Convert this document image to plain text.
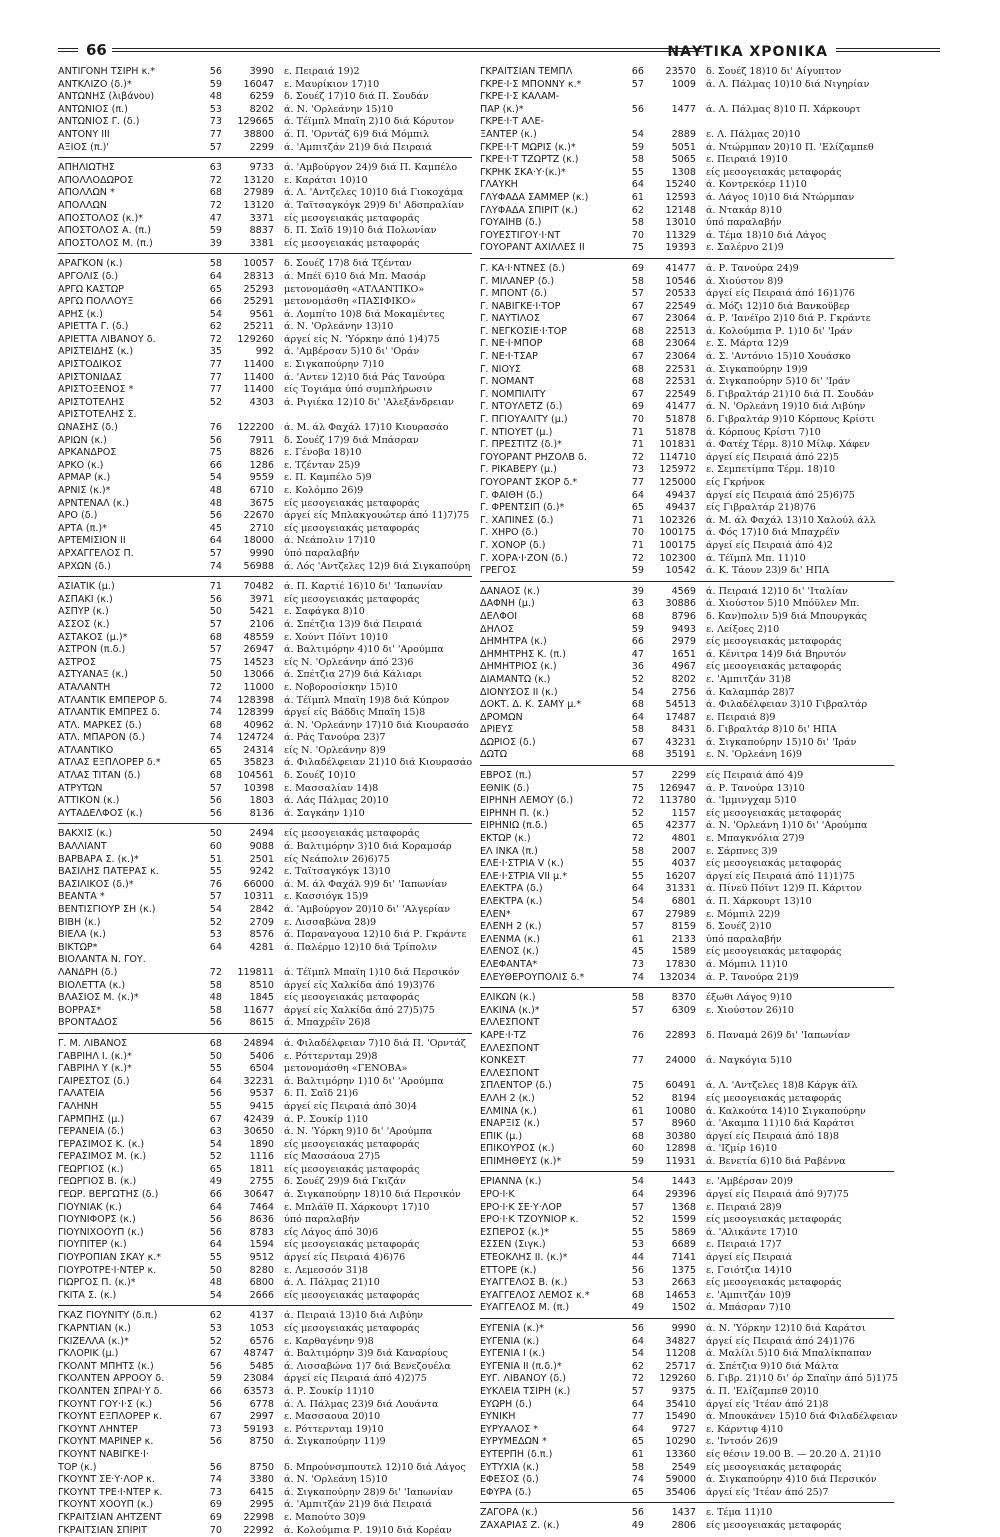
66	ΝΑΥΤΙΚΑ ΧΡΟΝΙΚΑ
ΑΝΤΙΓΟΝΗ ΤΣΙΡΗ κ.*	56	3990 ε. Πειραιά 19)2
ΑΝΤΚΛΙΖΟ (δ.)*	59	16047 ε. Μαυρίκιον 17)10
ΑΝΤΩΝΗΣ (λιβάνου)	48	6259 δ. Σουέζ 17)10 διά Π. Σουδάν
ΑΝΤΩΝΙΟΣ (π.)	53	8202 ά. Ν. 'Ορλεάνην 15)10
ΑΝΤΩΝΙΟΣ Γ. (δ.)	73	129665 ά. Τέϊμπλ Μπαϊη 2)10 διά Κόρυτον
ΑΝΤΟΝΥ ΙΙΙ	77	38800 ά. Π. 'Ορντάζ 6)9 διά Μόμπιλ
ΑΞΙΟΣ (π.)'	57	2299 ά. 'Αμπιτζάν 21)9 διά Πειραιά
ΑΠΗΛΙΩΤΗΣ	63	9733 ά. 'Αμβούργον 24)9 διά Π. Καμπέλο
ΑΠΟΛΛΟΔΩΡΟΣ	72	13120 ε. Καράτσι 10)10
ΑΠΟΛΛΩΝ *	68	27989 ά. Λ. 'Αντζελες 10)10 διά Γιοκοχάμα
ΑΠΟΛΛΩΝ	72	13120 ά. Ταϊτσαγκόγκ 29)9 δι' Αδσπραλίαν
ΑΠΟΣΤΟΛΟΣ (κ.)*	47	3371 είς μεσογειακάς μεταφοράς
ΑΠΟΣΤΟΛΟΣ Α. (π.)	59	8837 δ. Π. Σαΐδ 19)10 διά Πολωνίαν
ΑΠΟΣΤΟΛΟΣ Μ. (π.)	39	3381 είς μεσογειακάς μεταφοράς
ΑΡΑΓΚΟΝ (κ.)	58	10057 δ. Σουέζ 17)8 διά Τζένταν
ΑΡΓΟΛΙΣ (δ.)	64	28313 ά. Μπέϊ 6)10 διά Μπ. Μασάρ
ΑΡΓΩ ΚΑΣΤΩΡ	65	25293 μετονομάσθη «ΑΤΛΑΝΤΙΚΟ»
ΑΡΓΩ ΠΟΛΛΟΥΞ	66	25291 μετονομάσθη «ΠΑΣΙΦΙΚΟ»
ΑΡΗΣ (κ.)	54	9561 ά. Λομπίτο 10)8 διά Μοκαμέντες
ΑΡΙΕΤΤΑ Γ. (δ.)	62	25211 ά. Ν. 'Ορλεάνην 13)10
ΑΡΙΕΤΤΑ ΛΙΒΑΝΟΥ δ.	72	129260 άργεί είς Ν. 'Υόρκην άπό 1)4)75
ΑΡΙΣΤΕΙΔΗΣ (κ.)	35	992 ά. 'Αμβέρσαν 5)10 δι' 'Οράν
ΑΡΙΣΤΟΔΙΚΟΣ	77	11400 ε. Σιγκαπούρην 7)10
ΑΡΙΣΤΟΝΙΔΑΣ	77	11400 ά. 'Αντεν 12)10 διά Ράς Τανούρα
ΑΡΙΣΤΟΞΕΝΟΣ *	77	11400 είς Τογιάμα ύπό συμπλήρωσιν
ΑΡΙΣΤΟΤΕΛΗΣ	52	4303 ά. Ριγιέκα 12)10 δι' 'Αλεξάνδρειαν
ΑΡΙΣΤΟΤΕΛΗΣ Σ.
ΩΝΑΣΗΣ (δ.)	76	122200 ά. Μ. άλ Φαχάλ 17)10 Κιουρασάο
ΑΡΙΩΝ (κ.)	56	7911 δ. Σουέζ 17)9 διά Μπάσραν
ΑΡΚΑΝΔΡΟΣ	75	8826 ε. Γένοβα 18)10
ΑΡΚΟ (κ.)	66	1286 ε. Τζένταν 25)9
ΑΡΜΑΡ (κ.)	54	9559 ε. Π. Καμπέλο 5)9
ΑΡΝΙΣ (κ.)*	48	6710 ε. Κολόμπο 26)9
ΑΡΝΤΕΝΑΛ (κ.)	48	3675 είς μεσογειακάς μεταφοράς
ΑΡΟ (δ.)	56	22670 άργεί είς Μπλακγουώτερ άπό 11)7)75
ΑΡΤΑ (π.)*	45	2710 είς μεσογειακάς μεταφοράς
ΑΡΤΕΜΙΣΙΟΝ ΙΙ	64	18000 ά. Νεάπολιν 17)10
ΑΡΧΑΓΓΕΛΟΣ Π.	57	9990 ύπό παραλαβήν
ΑΡΧΩΝ (δ.)	74	56988 ά. Λός 'Αντζελες 12)9 διά Σιγκαπούρη
ΑΣΙΑΤΙΚ (μ.)	71	70482 ά. Π. Καρτιέ 16)10 δι' 'Ιαπωνίαν
ΑΣΠΑΚΙ (κ.)	56	3971 είς μεσογειακάς μεταφοράς
ΑΣΠΥΡ (κ.)	50	5421 ε. Σαφάγκα 8)10
ΑΣΣΟΣ (κ.)	57	2106 ά. Σπέτζια 13)9 διά Πειραιά
ΑΣΤΑΚΟΣ (μ.)*	68	48559 ε. Χούντ Πόϊντ 10)10
ΑΣΤΡΟΝ (π.δ.)	57	26947 ά. Βαλτιμόρην 4)10 δι' 'Αρούμπα
ΑΣΤΡΟΣ	75	14523 είς Ν. 'Ορλεάνην άπό 23)6
ΑΣΤΥΑΝΑΞ (κ.)	50	13066 ά. Σπέτζια 27)9 διά Κάλιαρι
ΑΤΑΛΑΝΤΗ	72	11000 ε. Νοβοροσίσκην 15)10
ΑΤΛΑΝΤΙΚ ΕΜΠΕΡΟΡ δ.	74	128398 ά. Τέϊμπλ Μπαϊη 19)8 διά Κύπρον
ΑΤΛΑΝΤΙΚ ΕΜΠΡΕΣ δ.	74	128399 άργεί είς Βάδδις Μπαϊη 15)8
ΑΤΛ. ΜΑΡΚΕΣ (δ.)	68	40962 ά. Ν. 'Ορλεάνην 17)10 διά Κιουρασάο
ΑΤΛ. ΜΠΑΡΟΝ (δ.)	74	124724 ά. Ράς Τανούρα 23)7
ΑΤΛΑΝΤΙΚΟ	65	24314 είς Ν. 'Ορλεάνην 8)9
ΑΤΛΑΣ ΕΞΠΛΟΡΕΡ δ.*	65	35823 ά. Φιλαδέλφειαν 21)10 διά Κιουρασάο
ΑΤΛΑΣ ΤΙΤΑΝ (δ.)	68	104561 δ. Σουέζ 10)10
ΑΤΡΥΤΩΝ	57	10398 ε. Μασσαλίαν 14)8
ΑΤΤΙΚΟΝ (κ.)	56	1803 ά. Λάς Πάλμας 20)10
ΑΥΤΑΔΕΛΦΟΣ (κ.)	56	8136 ά. Σαγκάην 1)10
ΒΑΚΧΙΣ (κ.)	50	2494 είς μεσογειακάς μεταφοράς
ΒΑΛΛΙΑΝΤ	60	9088 ά. Βαλτιμόρην 3)10 διά Κοραμσάρ
ΒΑΡΒΑΡΑ Σ. (κ.)*	51	2501 είς Νεάπολιν 26)6)75
ΒΑΣΙΛΗΣ ΠΑΤΕΡΑΣ κ.	55	9242 ε. Ταϊτσαγκόγκ 13)10
ΒΑΣΙΛΙΚΟΣ (δ.)*	76	66000 ά. Μ. άλ Φαχάλ 9)9 δι' 'Ιαπωνίαν
ΒΕΑΝΤΑ *	57	10311 ε. Κασσιόγκ 15)9
ΒΕΝΤΙΣΓΙΟΥΡ ΣΗ (κ.)	54	2842 ά. 'Αμβούργον 20)10 δι' 'Αλγερίαν
ΒΙΒΗ (κ.)	52	2709 ε. Λισσαβώνα 28)9
ΒΙΕΛΑ (κ.)	53	8576 ά. Παραναγουα 12)10 διά Ρ. Γκράντε
ΒΙΚΤΩΡ*	64	4281 ά. Παλέρμο 12)10 διά Τρίπολιν
ΒΙΟΛΑΝΤΑ Ν. ΓΟΥ.
ΛΑΝΔΡΗ (δ.)	72	119811 ά. Τέϊμπλ Μπαϊη 1)10 διά Περσικόν
ΒΙΟΛΕΤΤΑ (κ.)	58	8510 άργεί είς Χαλκίδα άπό 19)3)76
ΒΛΑΣΙΟΣ Μ. (κ.)*	48	1845 είς μεσογειακάς μεταφοράς
ΒΟΡΡΑΣ*	58	11677 άργεί είς Χαλκίδα άπό 27)5)75
ΒΡΟΝΤΑΔΟΣ	56	8615 ά. Μπαχρέϊν 26)8
Γ. Μ. ΛΙΒΑΝΟΣ	68	24894 ά. Φιλαδέλφειαν 7)10 διά Π. 'Ορντάζ
ΓΑΒΡΙΗΛ Ι. (κ.)*	50	5406 ε. Ρόττερνταμ 29)8
ΓΑΒΡΙΗΛ Υ (κ.)*	55	6504 μετονομάσθη «ΓΕΝΟΒΑ»
ΓΑΙΡΕΣΤΟΣ (δ.)	64	32231 ά. Βαλτιμόρην 1)10 δι' 'Αρούμπα
ΓΑΛΑΤΕΙΑ	56	9537 δ. Π. Σαΐδ 21)6
ΓΑΛΗΝΗ	55	9415 άργεί είς Πειραιά άπό 30)4
ΓΑΡΜΠΗΣ (μ.)	67	42439 ά. Ρ. Σουκίρ 1)10
ΓΕΡΑΝΕΙΑ (δ.)	63	30650 ά. Ν. 'Υόρκη 9)10 δι' 'Αρούμπα
ΓΕΡΑΣΙΜΟΣ Κ. (κ.)	54	1890 είς μεσογειακάς μεταφοράς
ΓΕΡΑΣΙΜΟΣ Μ. (κ.)	52	1116 είς Μασσάουα 27)5
ΓΕΩΡΓΙΟΣ (κ.)	65	1811 είς μεσογειακάς μεταφοράς
ΓΕΩΡΓΙΟΣ Β. (κ.)	49	2755 δ. Σουέζ 29)9 διά Γκιζάν
ΓΕΩΡ. ΒΕΡΓΩΤΗΣ (δ.)	66	30647 ά. Σιγκαπούρην 18)10 διά Περσικόν
ΓΙΟΥΝΙΑΚ (κ.)	64	7464 ε. Μπλάϊθ Π. Χάρκουρτ 17)10
ΓΙΟΥΝΙΦΟΡΣ (κ.)	56	8636 ύπό παραλαβήν
ΓΙΟΥΝΙΧΟΟΥΠ (κ.)	56	8783 είς Λάγος άπό 30)6
ΓΙΟΥΠΙΤΕΡ (κ.)	64	1594 είς μεσογειακάς μεταφοράς
ΓΙΟΥΡΟΠΙΑΝ ΣΚΑΫ κ.*	55	9512 άργεί είς Πειραιά 4)6)76
ΓΙΟΥΡΟΤΡΕ·Ι·ΝΤΕΡ κ.	50	8280 ε. Λεμεσσόν 31)8
ΓΙΩΡΓΟΣ Π. (κ.)*	48	6800 ά. Λ. Πάλμας 21)10
ΓΚΙΤΑ Σ. (κ.)	54	2666 είς μεσογειακάς μεταφοράς
ΓΚΑΖ ΓΙΟΥΝΙΤΥ (δ.π.)	62	4137 ά. Πειραιά 13)10 διά Λιβύην
ΓΚΑΡΝΤΙΑΝ (κ.)	53	1053 είς μεσογειακάς μεταφοράς
ΓΚΙΖΕΛΛΑ (κ.)*	52	6576 ε. Καρθαγένην 9)8
ΓΚΛΟΡΙΚ (μ.)	67	48747 ά. Βαλτιμόρην 3)9 διά Καναρίους
ΓΚΟΛΝΤ ΜΠΗΤΣ (κ.)	56	5485 ά. Λισσαβώνα 1)7 διά Βενεζουέλα
ΓΚΟΛΝΤΕΝ ΑΡΡΟΟΥ δ.	59	23084 άργεί είς Πειραιά άπό 4)2)75
ΓΚΟΛΝΤΕΝ ΣΠΡΑΪ·Υ δ.	66	63573 ά. Ρ. Σουκίρ 11)10
ΓΚΟΥΝΤ ΓΟΥ·Ι·Σ (κ.)	56	6778 ά. Λ. Πάλμας 23)9 διά Λουάντα
ΓΚΟΥΝΤ ΕΞΠΛΟΡΕΡ κ.	67	2997 ε. Μασσαουα 20)10
ΓΚΟΥΝΤ ΛΗΝΤΕΡ	73	59193 ε. Ρόττερνταμ 19)10
ΓΚΟΥΝΤ ΜΑΡΙΝΕΡ κ.	56	8750 ά. Σιγκαπούρην 11)9
ΓΚΟΥΝΤ ΝΑΒΙΓΚΕ·Ι·
ΤΟΡ (κ.)	56	8750 δ. Μπρούνσμπουτελ 12)10 διά Λάγος
ΓΚΟΥΝΤ ΣΕ·Υ·ΛΟΡ κ.	74	3380 ά. Ν. 'Ορλεάνη 15)10
ΓΚΟΥΝΤ ΤΡΕ·Ι·ΝΤΕΡ κ.	73	6415 ά. Σιγκαπούρην 28)9 δι' 'Ιαπωνίαν
ΓΚΟΥΝΤ ΧΟΟΥΠ (κ.)	69	2995 ά. 'Αμπιτζάν 21)9 διά Πειραιά
ΓΚΡΑΙΤΣΙΑΝ ΑΗΤΖΕΝΤ	69	22998 ε. Μαπούτο 30)9
ΓΚΡΑΙΤΣΙΑΝ ΣΠΙΡΙΤ	70	22992 ά. Κολούμπια Ρ. 19)10 διά Κορέαν
ΓΚΡΑΙΤΣΙΑΝ ΤΕΜΠΛ	66	23570 δ. Σουέζ 18)10 δι' Αίγυπτον
ΓΚΡΕ·Ι·Σ ΜΠΟΝΝΥ κ.*	57	1009 ά. Λ. Πάλμας 10)10 διά Νιγηρίαν
ΓΚΡΕ·Ι·Σ ΚΑΛΑΜ-
ΠΑΡ (κ.)*	56	1477 ά. Λ. Πάλμας 8)10 Π. Χάρκουρτ
ΓΚΡΕ·Ι·Τ ΑΛΕ-
ΞΑΝΤΕΡ (κ.)	54	2889 ε. Λ. Πάλμας 20)10
ΓΚΡΕ·Ι·Τ ΜΩΡΙΣ (κ.)*	59	5051 ά. Ντώρμπαν 20)10 Π. 'Ελίζαμπεθ
ΓΚΡΕ·Ι·Τ ΤΖΩΡΤΖ (κ.)	58	5065 ε. Πειραιά 19)10
ΓΚΡΗΚ ΣΚΑ·Υ·(κ.)*	55	1308 είς μεσογειακάς μεταφοράς
ΓΛΑΥΚΗ	64	15240 ά. Κοντρεκόερ 11)10
ΓΛΥΦΑΔΑ ΣΑΜΜΕΡ (κ.)	61	12593 ά. Λάγος 10)10 διά Ντώρμπαν
ΓΛΥΦΑΔΑ ΣΠΙΡΙΤ (κ.)	62	12148 ά. Ντακάρ 8)10
ΓΟΥΑΙΗΒ (δ.)	58	13010 ύπό παραλαβήν
ΓΟΥΕΣΤΙΓΟΥ·Ι·ΝΤ	70	11329 ά. Τέμα 18)10 διά Λάγος
ΓΟΥΟΡΑΝΤ ΑΧΙΛΛΕΣ ΙΙ	75	19393 ε. Σαλέρνο 21)9
Γ. ΚΑ·Ι·ΝΤΝΕΣ (δ.)	69	41477 ά. Ρ. Τανούρα 24)9
Γ. ΜΙΛΑΝΕΡ (δ.)	58	10546 ά. Χιούστον 8)9
Γ. ΜΠΟΝΤ (δ.)	57	20533 άργεί είς Πειραιά άπό 16)1)76
Γ. ΝΑΒΙΓΚΕ·Ι·ΤΟΡ	67	22549 ά. Μόζι 12)10 διά Βανκοϋβερ
Γ. ΝΑΥΤΙΛΟΣ	67	23064 ά. Ρ. 'Ιανέϊρο 2)10 διά Ρ. Γκράντε
Γ. ΝΕΓΚΟΣΙΕ·Ι·ΤΟΡ	68	22513 ά. Κολούμπια Ρ. 1)10 δι' 'Ιράν
Γ. ΝΕ·Ι·ΜΠΟΡ	68	23064 ε. Σ. Μάρτα 12)9
Γ. ΝΕ·Ι·ΤΣΑΡ	67	23064 ά. Σ. 'Αντόνιο 15)10 Χουάσκο
Γ. ΝΙΟΥΣ	68	22531 ά. Σιγκαπούρην 19)9
Γ. ΝΟΜΑΝΤ	68	22531 ά. Σιγκαπούρην 5)10 δι' 'Ιράν
Γ. ΝΟΜΠΙΛΙΤΥ	67	22549 δ. Γιβραλτάρ 21)10 διά Π. Σουδάν
Γ. ΝΤΟΥΛΕΤΖ (δ.)	69	41477 ά. Ν. 'Ορλεάνη 19)10 διά Λιβύην
Γ. ΠΓΙΟΥΑΛΙΤΥ (μ.)	70	51878 δ. Γιβραλτάρ 9)10 Κόρπους Κρίστι
Γ. ΝΤΙΟΥΕΤ (μ.)	71	51878 ά. Κόρπους Κρίστι 7)10
Γ. ΠΡΕΣΤΙΤΖ (δ.)*	71	101831 ά. Φατέχ Τέρμ. 8)10 Μίλφ. Χάφεν
ΓΟΥΟΡΑΝΤ ΡΗΖΟΛΒ δ.	72	114710 άργεί είς Πειραιά άπό 22)5
Γ. ΡΙΚΑΒΕΡΥ (μ.)	73	125972 ε. Σεμπετίμπα Τέρμ. 18)10
ΓΟΥΟΡΑΝΤ ΣΚΟΡ δ.*	77	125000 είς Γκρήνοκ
Γ. ΦΑΙΘΗ (δ.)	64	49437 άργεί είς Πειραιά άπό 25)6)75
Γ. ΦΡΕΝΤΣΙΠ (δ.)*	65	49437 είς Γιβραλτάρ 21)8)76
Γ. ΧΑΠΙΝΕΣ (δ.)	71	102326 ά. Μ. άλ Φαχάλ 13)10 Χαλούλ άλλ
Γ. ΧΗΡΟ (δ.)	70	100175 ά. Φός 17)10 διά Μπαχρέϊν
Γ. ΧΟΝΟΡ (δ.)	71	100175 άργεί είς Πειραιά άπό 4)2
Γ. ΧΟΡΑ·Ι·ΖΟΝ (δ.)	72	102300 ά. Τέϊμπλ Μπ. 11)10
ΓΡΕΓΟΣ	59	10542 ά. Κ. Τάουν 23)9 δι' ΗΠΑ
ΔΑΝΑΟΣ (κ.)	39	4569 ά. Πειραιά 12)10 δι' 'Ιταλίαν
ΔΑΦΝΗ (μ.)	63	30886 ά. Χιούστον 5)10 Μπόϋλεν Μπ.
ΔΕΛΦΟΙ	68	8796 δ. Καν)πολιν 5)9 διά Μπουργκάς
ΔΗΛΟΣ	59	9493 ε. Λείξοες 2)10
ΔΗΜΗΤΡΑ (κ.)	66	2979 είς μεσογειακάς μεταφοράς
ΔΗΜΗΤΡΗΣ Κ. (π.)	47	1651 ά. Κένιτρα 14)9 διά Βηρυτόν
ΔΗΜΗΤΡΙΟΣ (κ.)	36	4967 είς μεσογειακάς μεταφοράς
ΔΙΑΜΑΝΤΩ (κ.)	52	8202 ε. 'Αμπιτζάν 31)8
ΔΙΟΝΥΣΟΣ ΙΙ (κ.)	54	2756 ά. Καλαμπάρ 28)7
ΔΟΚΤ. Δ. Κ. ΣΑΜΥ μ.*	68	54513 ά. Φιλαδέλφειαν 3)10 Γιβραλτάρ
ΔΡΟΜΩΝ	64	17487 ε. Πειραιά 8)9
ΔΡΙΕΥΣ	58	8431 δ. Γιβραλτάρ 8)10 δι' ΗΠΑ
ΔΩΡΙΟΣ (δ.)	67	43231 ά. Σιγκαπούρην 15)10 δι' 'Ιράν
ΔΩΤΩ	68	35191 ε. Ν. 'Ορλεάνη 16)9
ΕΒΡΟΣ (π.)	57	2299 είς Πειραιά άπό 4)9
ΕΘΝΙΚ (δ.)	75	126947 ά. Ρ. Τανούρα 13)10
ΕΙΡΗΝΗ ΛΕΜΟΥ (δ.)	72	113780 ά. 'Ιμμινγχαμ 5)10
ΕΙΡΗΝΗ Π. (κ.)	52	1157 είς μεσογειακάς μεταφοράς
ΕΙΡΗΝΙΩ (π.δ.)	65	42377 ά. Ν. 'Ορλεάνη 1)10 δι' 'Αρούμπα
ΕΚΤΩΡ (κ.)	72	4801 ε. Μπαγκνόλια 27)9
ΕΛ ΙΝΚΑ (π.)	58	2007 ε. Σάρπνες 3)9
ΕΛΕ·Ι·ΣΤΡΙΑ V (κ.)	55	4037 είς μεσογειακάς μεταφοράς
ΕΛΕ·Ι·ΣΤΡΙΑ VII μ.*	55	16207 άργεί είς Πειραιά άπό 11)1)75
ΕΛΕΚΤΡΑ (δ.)	64	31331 ά. Πίνεϋ Πόϊντ 12)9 Π. Κάριτον
ΕΛΕΚΤΡΑ (κ.)	54	6801 ά. Π. Χάρκουρτ 13)10
ΕΛΕΝ*	67	27989 ε. Μόμπιλ 22)9
ΕΛΕΝΗ 2 (κ.)	57	8159 δ. Σουέζ 2)10
ΕΛΕΝΜΑ (κ.)	61	2133 ύπό παραλαβήν
ΕΛΕΝΟΣ (κ.)	45	1589 είς μεσογειακάς μεταφοράς
ΕΛΕΦΑΝΤΑ*	73	17830 ά. Μόμπιλ 11)10
ΕΛΕΥΘΕΡΟΥΠΟΛΙΣ δ.*	74	132034 ά. Ρ. Τανούρα 21)9
ΕΛΙΚΩΝ (κ.)	58	8370 έξωθι Λάγος 9)10
ΕΛΚΙΝΑ (κ.)*	57	6309 ε. Χιούστον 26)10
ΕΛΛΕΣΠΟΝΤ
ΚΑΡΕ·Ι·ΤΖ	76	22893 δ. Παναμά 26)9 δι' 'Ιαπωνίαν
ΕΛΛΕΣΠΟΝΤ
ΚΟΝΚΕΣΤ	77	24000 ά. Ναγκόγια 5)10
ΕΛΛΕΣΠΟΝΤ
ΣΠΛΕΝΤΟΡ (δ.)	75	60491 ά. Λ. 'Αντζελες 18)8 Κάργκ άϊλ
ΕΛΛΗ 2 (κ.)	52	8194 είς μεσογειακάς μεταφοράς
ΕΛΜΙΝΑ (κ.)	61	10080 ά. Καλκούτα 14)10 Σιγκαπούρην
ΕΝΑΡΞΙΣ (κ.)	57	8960 ά. 'Ακαμπα 11)10 διά Καράτσι
ΕΠΙΚ (μ.)	68	30380 άργεί είς Πειραιά άπό 18)8
ΕΠΙΚΟΥΡΟΣ (κ.)	60	12898 ά. 'Ιζμίρ 16)10
ΕΠΙΜΗΘΕΥΣ (κ.)*	59	11931 ά. Βενετία 6)10 διά Ραβέννα
ΕΡΙΑΝΝΑ (κ.)	54	1443 ε. 'Αμβέρσαν 20)9
ΕΡΟ·Ι·Κ	64	29396 άργεί είς Πειραιά άπό 9)7)75
ΕΡΟ·Ι·Κ ΣΕ·Υ·ΛΟΡ	57	1368 ε. Πειραιά 28)9
ΕΡΟ·Ι·Κ ΤΖΟΥΝΙΟΡ κ.	52	1599 είς μεσογειακάς μεταφοράς
ΕΣΠΕΡΟΣ (κ.)*	55	5869 ά. 'Αλικάντε 17)10
ΕΣΣΕΝ (Σιγκ.)	53	6689 ε. Πειραιά 17)7
ΕΤΕΟΚΛΗΣ ΙΙ. (κ.)*	44	7141 άργεί είς Πειραιά
ΕΤΤΟΡΕ (κ.)	56	1375 ε. Γσιότζια 14)10
ΕΥΑΓΓΕΛΟΣ Β. (κ.)	53	2663 είς μεσογειακάς μεταφοράς
ΕΥΑΓΓΕΛΟΣ ΛΕΜΟΣ κ.*	68	14653 ε. 'Αμπιτζάν 10)9
ΕΥΑΓΓΕΛΟΣ Μ. (π.)	49	1502 ά. Μπάσραν 7)10
ΕΥΓΕΝΙΑ (κ.)*	56	9990 ά. Ν. 'Υόρκην 12)10 διά Καράτσι
ΕΥΓΕΝΙΑ (κ.)	64	34827 άργεί είς Πειραιά άπό 24)1)76
ΕΥΓΕΝΙΑ Ι (κ.)	54	11208 ά. Μαλίλι 5)10 διά Μπαλίκπαπαν
ΕΥΓΕΝΙΑ ΙΙ (π.δ.)*	62	25717 ά. Σπέτζια 9)10 διά Μάλτα
ΕΥΓ. ΛΙΒΑΝΟΥ (δ.)	72	129260 δ. Γιβρ. 21)10 δι' όρ Σπαΐην άπό 5)1)75
ΕΥΚΛΕΙΑ ΤΣΙΡΗ (κ.)	57	9375 ά. Π. 'Ελίζαμπεθ 20)10
ΕΥΩΡΗ (δ.)	64	35410 άργεί είς 'Ιτέαν άπό 21)8
ΕΥΝΙΚΗ	77	15490 ά. Μπουκάνεν 15)10 διά Φιλαδέλφειαν
ΕΥΡΥΑΛΟΣ *	64	9727 ε. Κάρντιφ 4)10
ΕΥΡΥΜΕΔΩΝ *	65	10290 ε. 'Ιντσόν 26)9
ΕΥΤΕΡΠΗ (δ.π.)	61	13360 είς θέσιν 19.00 Β. — 20.20 Δ. 21)10
ΕΥΤΥΧΙΑ (κ.)	58	2549 είς μεσογειακάς μεταφοράς
ΕΦΕΣΟΣ (δ.)	74	59000 ά. Σιγκαπούρην 4)10 διά Περσικόν
ΕΦΥΡΑ (δ.)	65	35406 άργεί είς 'Ιτέαν άπό 25)7
ΖΑΓΟΡΑ (κ.)	56	1437 ε. Τέμα 11)10
ΖΑΧΑΡΙΑΣ Ζ. (κ.)	49	2806 είς μεσογειακάς μεταφοράς
